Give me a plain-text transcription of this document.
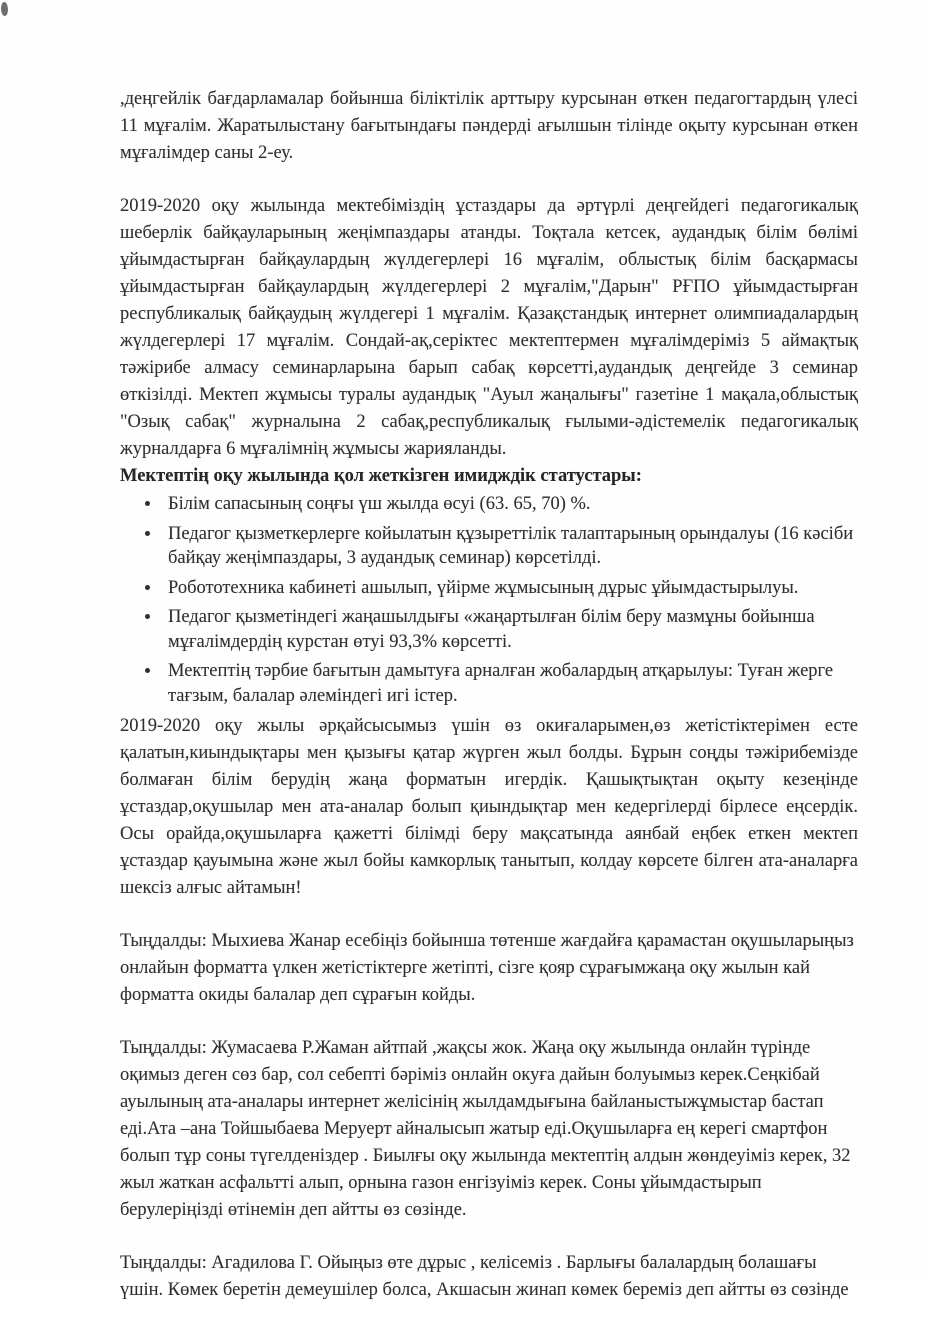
,деңгейлік бағдарламалар бойынша біліктілік арттыру курсынан өткен педагогтардың үлесі 11 мұғалім. Жаратылыстану бағытындағы пәндерді ағылшын тілінде оқыту курсынан өткен мұғалімдер саны 2-еу.

2019-2020 оқу жылында мектебіміздің ұстаздары да әртүрлі деңгейдегі педагогикалық шеберлік байқауларының жеңімпаздары атанды. Тоқтала кетсек, аудандық білім бөлімі ұйымдастырған байқаулардың жүлдегерлері 16 мұғалім, облыстық білім басқармасы ұйымдастырған байқаулардың жүлдегерлері 2 мұғалім,"Дарын" РҒПО ұйымдастырған республикалық байқаудың жүлдегері 1 мұғалім. Қазақстандық интернет олимпиадалардың жүлдегерлері 17 мұғалім. Сондай-ақ,серіктес мектептермен мұғалімдеріміз 5 аймақтық тәжірибе алмасу семинарларына барып сабақ көрсетті,аудандық деңгейде 3 семинар өткізілді. Мектеп жұмысы туралы аудандық "Ауыл жаңалығы" газетіне 1 мақала,облыстық "Озық сабақ" журналына 2 сабақ,республикалық ғылыми-әдістемелік педагогикалық журналдарға 6 мұғалімнің жұмысы жарияланды.

Мектептің оқу жылында қол жеткізген имидждік статустары:

• Білім сапасының соңғы үш жылда өсуі (63. 65, 70) %.
• Педагог қызметкерлерге койылатын құзыреттілік талаптарының орындалуы (16 кәсіби байқау жеңімпаздары, 3 аудандық семинар) көрсетілді.
• Робототехника кабинеті ашылып, үйірме жұмысының дұрыс ұйымдастырылуы.
• Педагог қызметіндегі жаңашылдығы «жаңартылған білім беру мазмұны бойынша мұғалімдердің курстан өтуі 93,3% көрсетті.
• Мектептің тәрбие бағытын дамытуға арналған жобалардың атқарылуы: Туған жерге тағзым, балалар әлеміндегі игі істер.

2019-2020 оқу жылы әрқайсысымыз үшін өз окиғаларымен,өз жетістіктерімен есте қалатын,киындықтары мен қызығы қатар жүрген жыл болды. Бұрын соңды тәжірибемізде болмаған білім берудің жаңа форматын игердік. Қашықтықтан оқыту кезеңінде ұстаздар,оқушылар мен ата-аналар болып қиындықтар мен кедергілерді бірлесе еңсердік. Осы орайда,оқушыларға қажетті білімді беру мақсатында аянбай еңбек еткен мектеп ұстаздар қауымына және жыл бойы камкорлық танытып, колдау көрсете білген ата-аналарға шексіз алғыс айтамын!

Тыңдалды: Мыхиева Жанар есебіңіз бойынша төтенше жағдайға қарамастан оқушыларыңыз онлайын форматта үлкен жетістіктерге жетіпті, сізге қояр сұрағымжаңа оқу жылын кай форматта окиды балалар деп сұрағын койды.

Тыңдалды: Жумасаева Р.Жаман айтпай ,жақсы жок. Жаңа оқу жылында онлайн түрінде оқимыз деген сөз бар, сол себепті бәріміз онлайн окуға дайын болуымыз керек.Сеңкібай ауылының ата-аналары интернет желісінің жылдамдығына байланыстыжұмыстар бастап еді.Ата –ана Тойшыбаева Меруерт айналысып жатыр еді.Оқушыларға ең керегі смартфон болып тұр соны түгелденіздер . Биылғы оқу жылында мектептің алдын жөндеуіміз керек, 32 жыл жаткан асфальтті алып, орнына газон енгізуіміз керек. Соны ұйымдастырып берулеріңізді өтінемін деп айтты өз сөзінде.

Тыңдалды: Агадилова Г. Ойыңыз өте дұрыс , келісеміз . Барлығы балалардың болашағы үшін. Көмек беретін демеушілер болса, Акшасын жинап көмек береміз деп айтты өз сөзінде
